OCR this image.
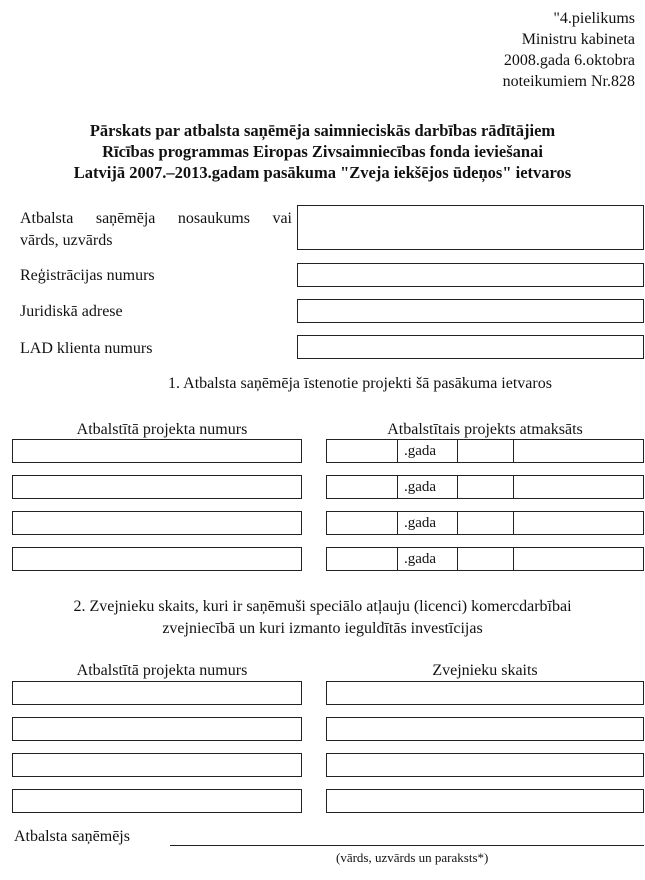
"4.pielikums
Ministru kabineta
2008.gada 6.oktobra
noteikumiem Nr.828
Pārskats par atbalsta saņēmēja saimnieciskās darbības rādītājiem
Rīcības programmas Eiropas Zivsaimniecības fonda ieviešanai
Latvijā 2007.–2013.gadam pasākuma "Zveja iekšējos ūdeņos" ietvaros
Atbalsta saņēmēja nosaukums vai
vārds, uzvārds
Reģistrācijas numurs
Juridiskā adrese
LAD klienta numurs
1. Atbalsta saņēmēja īstenotie projekti šā pasākuma ietvaros
Atbalstītā projekta numurs	Atbalstītais projekts atmaksāts
.gada
.gada
.gada
.gada
2. Zvejnieku skaits, kuri ir saņēmuši speciālo atļauju (licenci) komercdarbībai
zvejniecībā un kuri izmanto ieguldītās investīcijas
Atbalstītā projekta numurs	Zvejnieku skaits
Atbalsta saņēmējs
(vārds, uzvārds un paraksts*)
